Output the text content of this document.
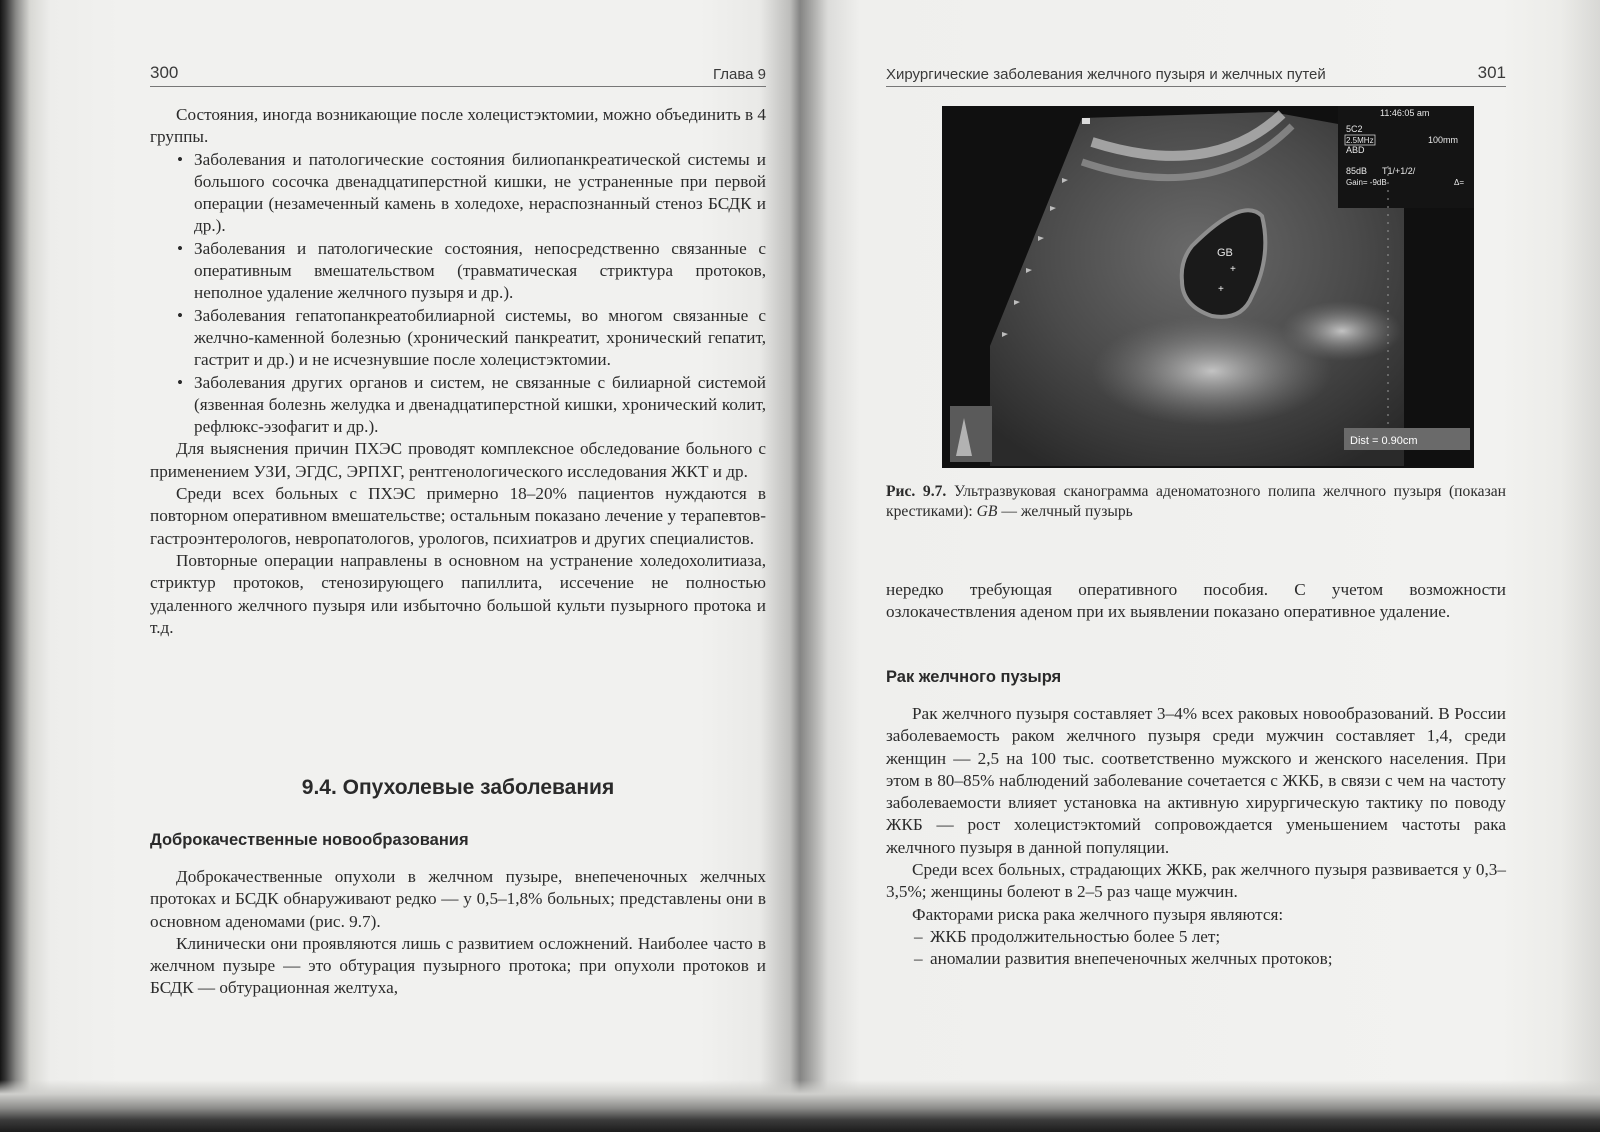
300	Глава 9

Состояния, иногда возникающие после холецистэктомии, можно объединить в 4 группы.

• Заболевания и патологические состояния билиопанкреатической системы и большого сосочка двенадцатиперстной кишки, не устраненные при первой операции (незамеченный камень в холедохе, нераспознанный стеноз БСДК и др.).
• Заболевания и патологические состояния, непосредственно связанные с оперативным вмешательством (травматическая стриктура протоков, неполное удаление желчного пузыря и др.).
• Заболевания гепатопанкреатобилиарной системы, во многом связанные с желчно-каменной болезнью (хронический панкреатит, хронический гепатит, гастрит и др.) и не исчезнувшие после холецистэктомии.
• Заболевания других органов и систем, не связанные с билиарной системой (язвенная болезнь желудка и двенадцатиперстной кишки, хронический колит, рефлюкс-эзофагит и др.).

Для выяснения причин ПХЭС проводят комплексное обследование больного с применением УЗИ, ЭГДС, ЭРПХГ, рентгенологического исследования ЖКТ и др.

Среди всех больных с ПХЭС примерно 18–20% пациентов нуждаются в повторном оперативном вмешательстве; остальным показано лечение у терапевтов-гастроэнтерологов, невропатологов, урологов, психиатров и других специалистов.

Повторные операции направлены в основном на устранение холедохолитиаза, стриктур протоков, стенозирующего папиллита, иссечение не полностью удаленного желчного пузыря или избыточно большой культи пузырного протока и т.д.

9.4. Опухолевые заболевания
Доброкачественные новообразования

Доброкачественные опухоли в желчном пузыре, внепеченочных желчных протоках и БСДК обнаруживают редко — у 0,5–1,8% больных; представлены они в основном аденомами (рис. 9.7).

Клинически они проявляются лишь с развитием осложнений. Наиболее часто в желчном пузыре — это обтурация пузырного протока; при опухоли протоков и БСДК — обтурационная желтуха,

Хирургические заболевания желчного пузыря и желчных путей	301
GB
+
+
11:46:05 am
5C2
2.5MHz
ABD
100mm
85dB T1/+1/2/
Gain= -9dB	Δ=
Dist = 0.90cm
Рис. 9.7. Ультразвуковая сканограмма аденоматозного полипа желчного пузыря (показан крестиками): GB — желчный пузырь

нередко требующая оперативного пособия. С учетом возможности озлокачествления аденом при их выявлении показано оперативное удаление.

Рак желчного пузыря

Рак желчного пузыря составляет 3–4% всех раковых новообразований. В России заболеваемость раком желчного пузыря среди мужчин составляет 1,4, среди женщин — 2,5 на 100 тыс. соответственно мужского и женского населения. При этом в 80–85% наблюдений заболевание сочетается с ЖКБ, в связи с чем на частоту заболеваемости влияет установка на активную хирургическую тактику по поводу ЖКБ — рост холецистэктомий сопровождается уменьшением частоты рака желчного пузыря в данной популяции.

Среди всех больных, страдающих ЖКБ, рак желчного пузыря развивается у 0,3–3,5%; женщины болеют в 2–5 раз чаще мужчин.

Факторами риска рака желчного пузыря являются:

– ЖКБ продолжительностью более 5 лет;
– аномалии развития внепеченочных желчных протоков;
